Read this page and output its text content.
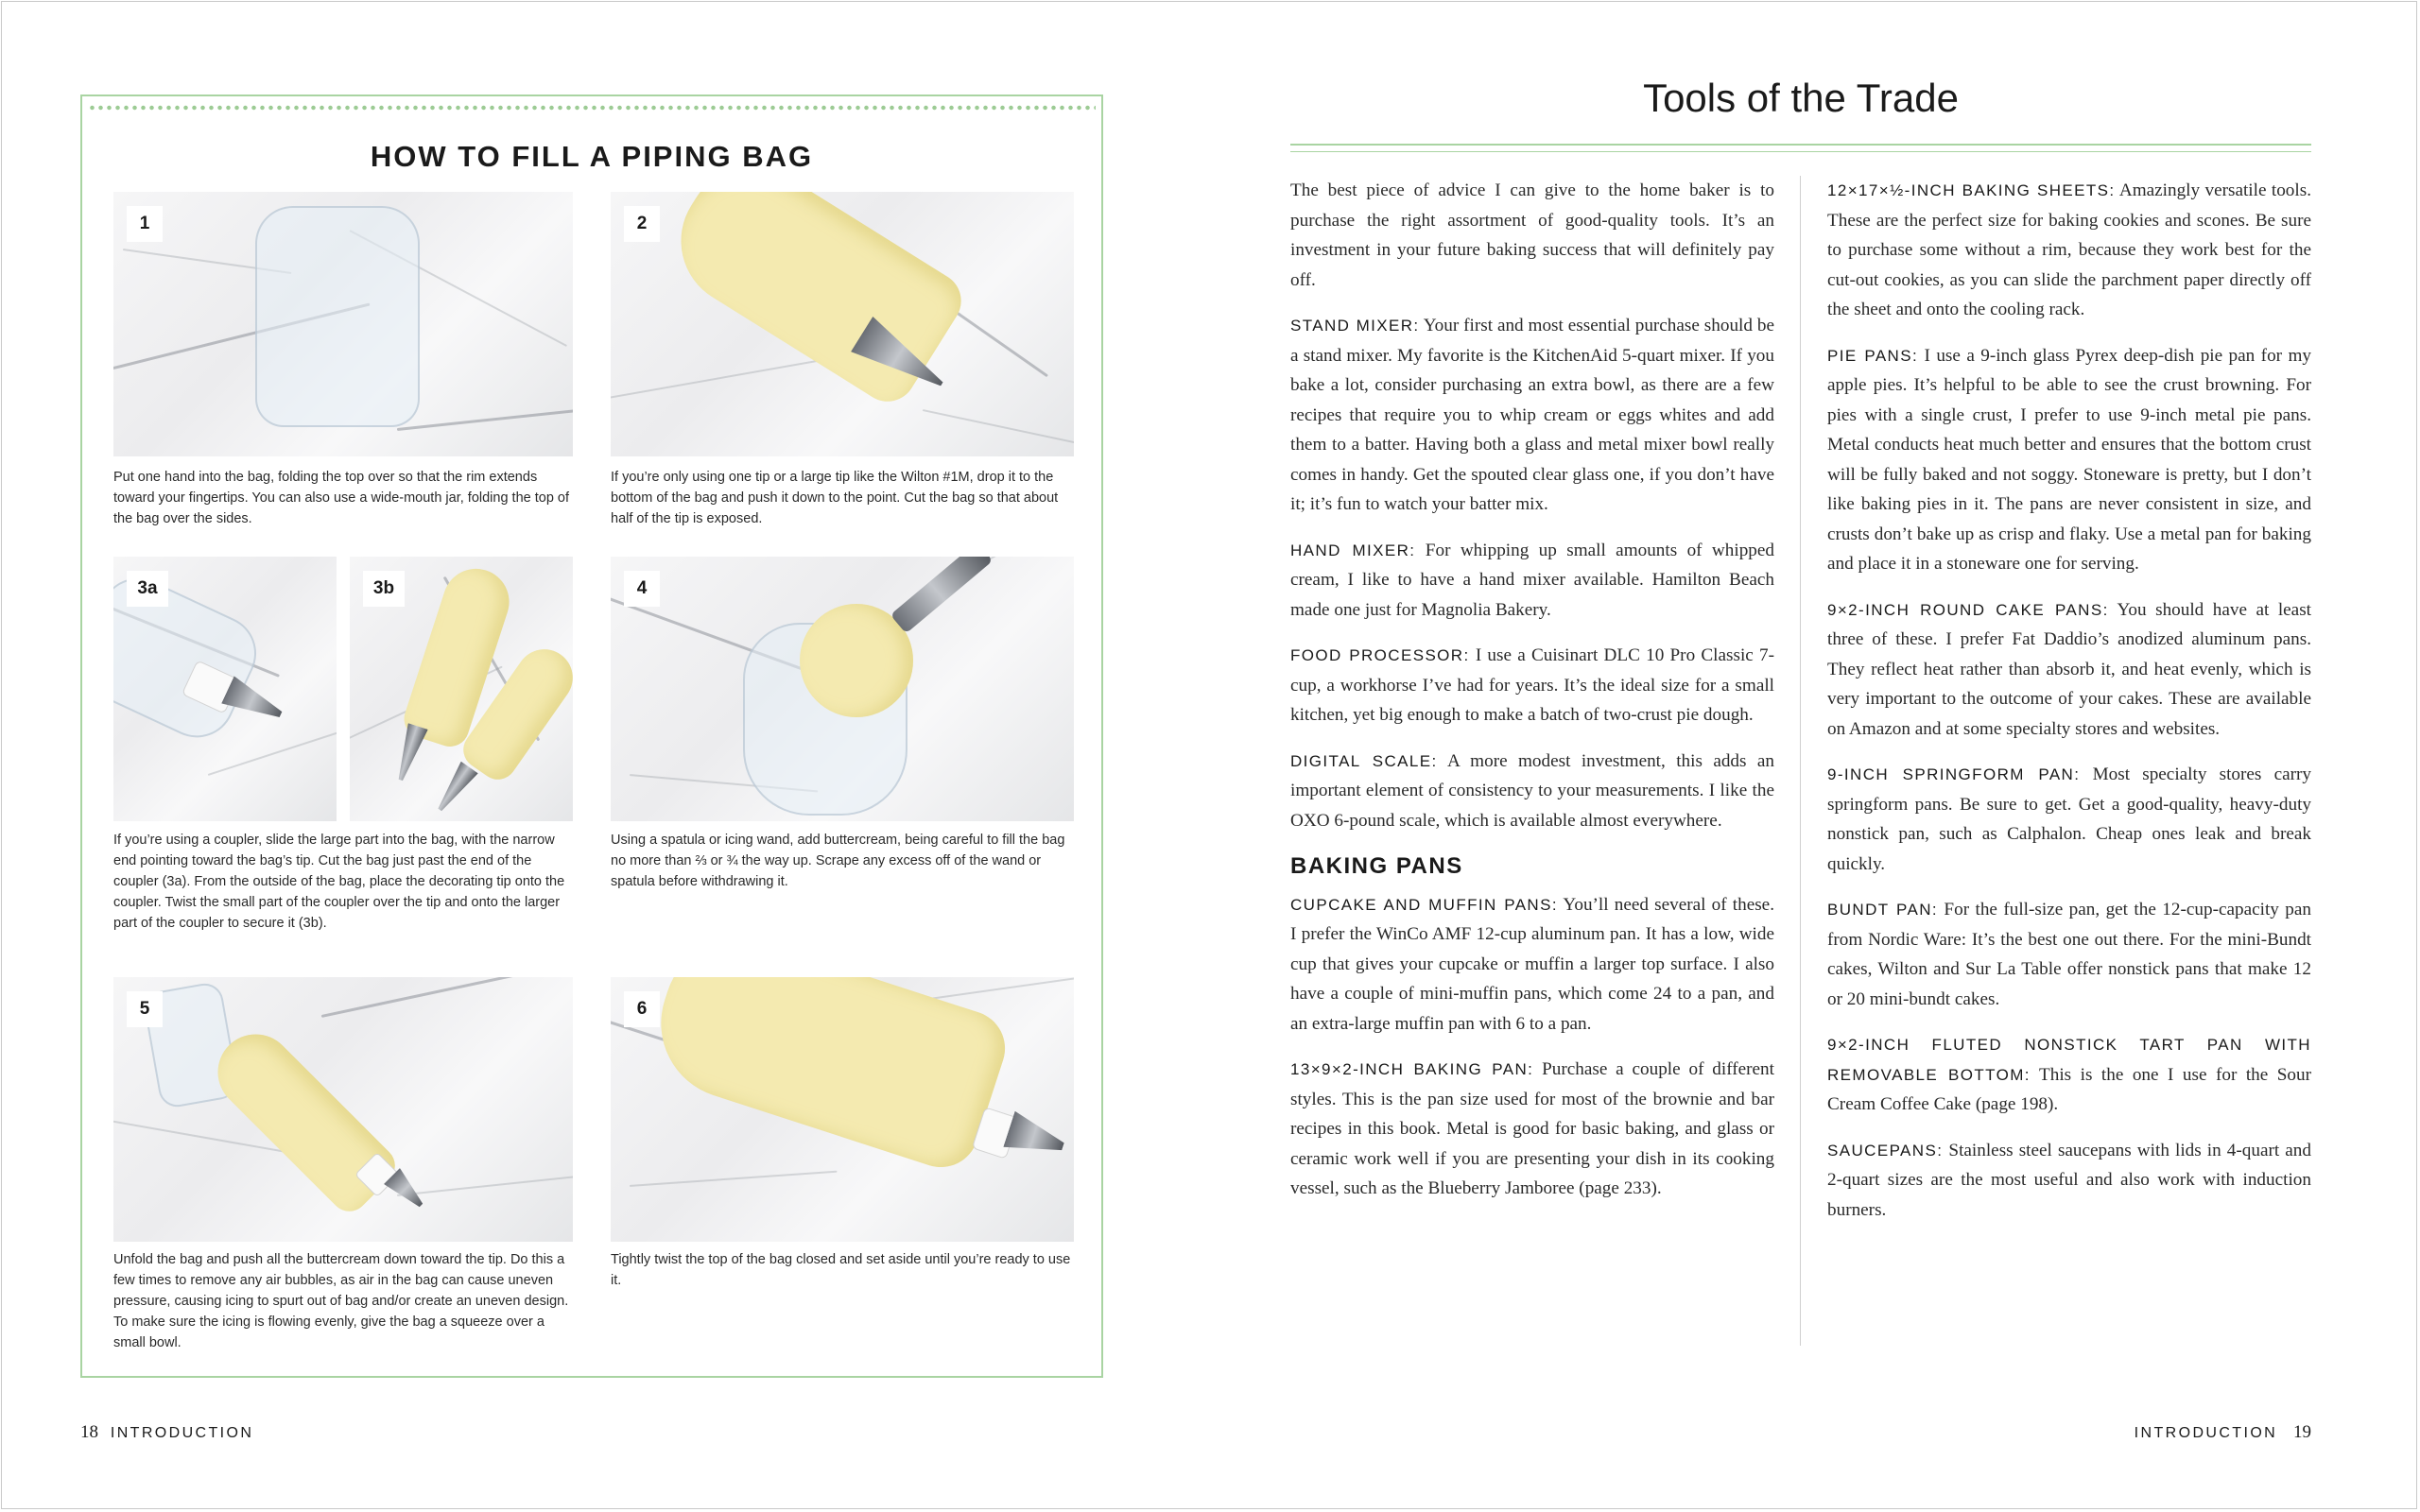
HOW TO FILL A PIPING BAG
1
Put one hand into the bag, folding the top over so that the rim extends toward your fingertips. You can also use a wide-mouth jar, folding the top of the bag over the sides.
2
If you’re only using one tip or a large tip like the Wilton #1M, drop it to the bottom of the bag and push it down to the point. Cut the bag so that about half of the tip is exposed.
3a	3b
If you’re using a coupler, slide the large part into the bag, with the narrow end pointing toward the bag’s tip. Cut the bag just past the end of the coupler (3a). From the outside of the bag, place the decorating tip onto the coupler. Twist the small part of the coupler over the tip and onto the larger part of the coupler to secure it (3b).
4
Using a spatula or icing wand, add buttercream, being careful to fill the bag no more than ⅔ or ¾ the way up. Scrape any excess off of the wand or spatula before withdrawing it.
5
Unfold the bag and push all the buttercream down toward the tip. Do this a few times to remove any air bubbles, as air in the bag can cause uneven pressure, causing icing to spurt out of bag and/or create an uneven design. To make sure the icing is flowing evenly, give the bag a squeeze over a small bowl.
6
Tightly twist the top of the bag closed and set aside until you’re ready to use it.
18 INTRODUCTION
Tools of the Trade

The best piece of advice I can give to the home baker is to purchase the right assortment of good-quality tools. It’s an investment in your future baking success that will definitely pay off.

STAND MIXER: Your first and most essential purchase should be a stand mixer. My favorite is the KitchenAid 5-quart mixer. If you bake a lot, consider purchasing an extra bowl, as there are a few recipes that require you to whip cream or eggs whites and add them to a batter. Having both a glass and metal mixer bowl really comes in handy. Get the spouted clear glass one, if you don’t have it; it’s fun to watch your batter mix.

HAND MIXER: For whipping up small amounts of whipped cream, I like to have a hand mixer available. Hamilton Beach made one just for Magnolia Bakery.

FOOD PROCESSOR: I use a Cuisinart DLC 10 Pro Classic 7-cup, a workhorse I’ve had for years. It’s the ideal size for a small kitchen, yet big enough to make a batch of two-crust pie dough.

DIGITAL SCALE: A more modest investment, this adds an important element of consistency to your measurements. I like the OXO 6-pound scale, which is available almost everywhere.

BAKING PANS

CUPCAKE AND MUFFIN PANS: You’ll need several of these. I prefer the WinCo AMF 12-cup aluminum pan. It has a low, wide cup that gives your cupcake or muffin a larger top surface. I also have a couple of mini-muffin pans, which come 24 to a pan, and an extra-large muffin pan with 6 to a pan.

13×9×2-INCH BAKING PAN: Purchase a couple of different styles. This is the pan size used for most of the brownie and bar recipes in this book. Metal is good for basic baking, and glass or ceramic work well if you are presenting your dish in its cooking vessel, such as the Blueberry Jamboree (page 233).

12×17×½-INCH BAKING SHEETS: Amazingly versatile tools. These are the perfect size for baking cookies and scones. Be sure to purchase some without a rim, because they work best for the cut-out cookies, as you can slide the parchment paper directly off the sheet and onto the cooling rack.

PIE PANS: I use a 9-inch glass Pyrex deep-dish pie pan for my apple pies. It’s helpful to be able to see the crust browning. For pies with a single crust, I prefer to use 9-inch metal pie pans. Metal conducts heat much better and ensures that the bottom crust will be fully baked and not soggy. Stoneware is pretty, but I don’t like baking pies in it. The pans are never consistent in size, and crusts don’t bake up as crisp and flaky. Use a metal pan for baking and place it in a stoneware one for serving.

9×2-INCH ROUND CAKE PANS: You should have at least three of these. I prefer Fat Daddio’s anodized aluminum pans. They reflect heat rather than absorb it, and heat evenly, which is very important to the outcome of your cakes. These are available on Amazon and at some specialty stores and websites.

9-INCH SPRINGFORM PAN: Most specialty stores carry springform pans. Be sure to get. Get a good-quality, heavy-duty nonstick pan, such as Calphalon. Cheap ones leak and break quickly.

BUNDT PAN: For the full-size pan, get the 12-cup-capacity pan from Nordic Ware: It’s the best one out there. For the mini-Bundt cakes, Wilton and Sur La Table offer nonstick pans that make 12 or 20 mini-bundt cakes.

9×2-INCH FLUTED NONSTICK TART PAN WITH REMOVABLE BOTTOM: This is the one I use for the Sour Cream Coffee Cake (page 198).

SAUCEPANS: Stainless steel saucepans with lids in 4-quart and 2-quart sizes are the most useful and also work with induction burners.

INTRODUCTION 19
